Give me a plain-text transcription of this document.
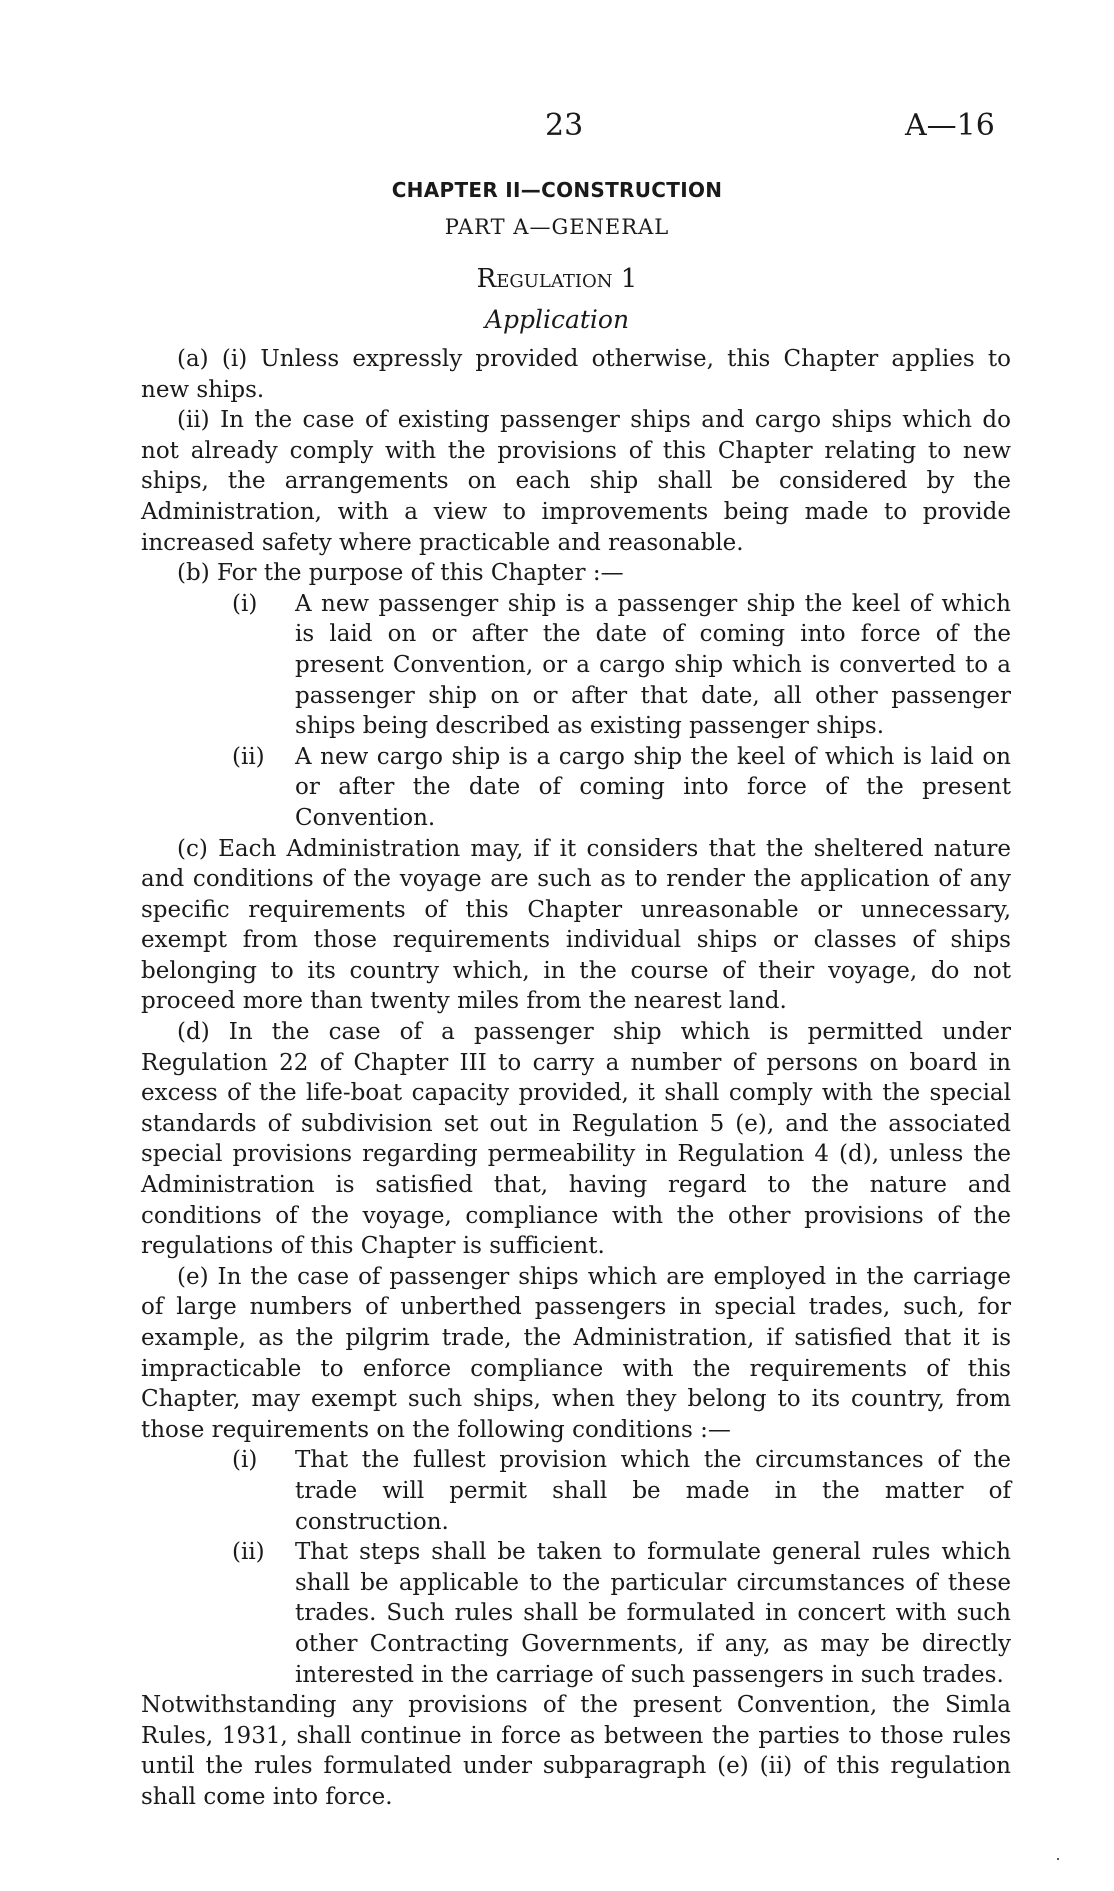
23	A—16
CHAPTER II—CONSTRUCTION
PART A—GENERAL
Regulation 1
Application

(a) (i) Unless expressly provided otherwise, this Chapter applies to new ships.

(ii) In the case of existing passenger ships and cargo ships which do not already comply with the provisions of this Chapter relating to new ships, the arrangements on each ship shall be considered by the Administration, with a view to improvements being made to provide increased safety where practicable and reasonable.

(b) For the purpose of this Chapter :—

(i) A new passenger ship is a passenger ship the keel of which is laid on or after the date of coming into force of the present Convention, or a cargo ship which is converted to a passenger ship on or after that date, all other passenger ships being described as existing passenger ships.

(ii) A new cargo ship is a cargo ship the keel of which is laid on or after the date of coming into force of the present Convention.

(c) Each Administration may, if it considers that the sheltered nature and conditions of the voyage are such as to render the application of any specific requirements of this Chapter unreasonable or unnecessary, exempt from those requirements individual ships or classes of ships belonging to its country which, in the course of their voyage, do not proceed more than twenty miles from the nearest land.

(d) In the case of a passenger ship which is permitted under Regulation 22 of Chapter III to carry a number of persons on board in excess of the life-boat capacity provided, it shall comply with the special standards of subdivision set out in Regulation 5 (e), and the associated special provisions regarding permeability in Regulation 4 (d), unless the Administration is satisfied that, having regard to the nature and conditions of the voyage, compliance with the other provisions of the regulations of this Chapter is sufficient.

(e) In the case of passenger ships which are employed in the carriage of large numbers of unberthed passengers in special trades, such, for example, as the pilgrim trade, the Administration, if satisfied that it is impracticable to enforce compliance with the requirements of this Chapter, may exempt such ships, when they belong to its country, from those requirements on the following conditions :—

(i) That the fullest provision which the circumstances of the trade will permit shall be made in the matter of construction.

(ii) That steps shall be taken to formulate general rules which shall be applicable to the particular circumstances of these trades. Such rules shall be formulated in concert with such other Contracting Governments, if any, as may be directly interested in the carriage of such passengers in such trades.

Notwithstanding any provisions of the present Convention, the Simla Rules, 1931, shall continue in force as between the parties to those rules until the rules formulated under subparagraph (e) (ii) of this regulation shall come into force.
